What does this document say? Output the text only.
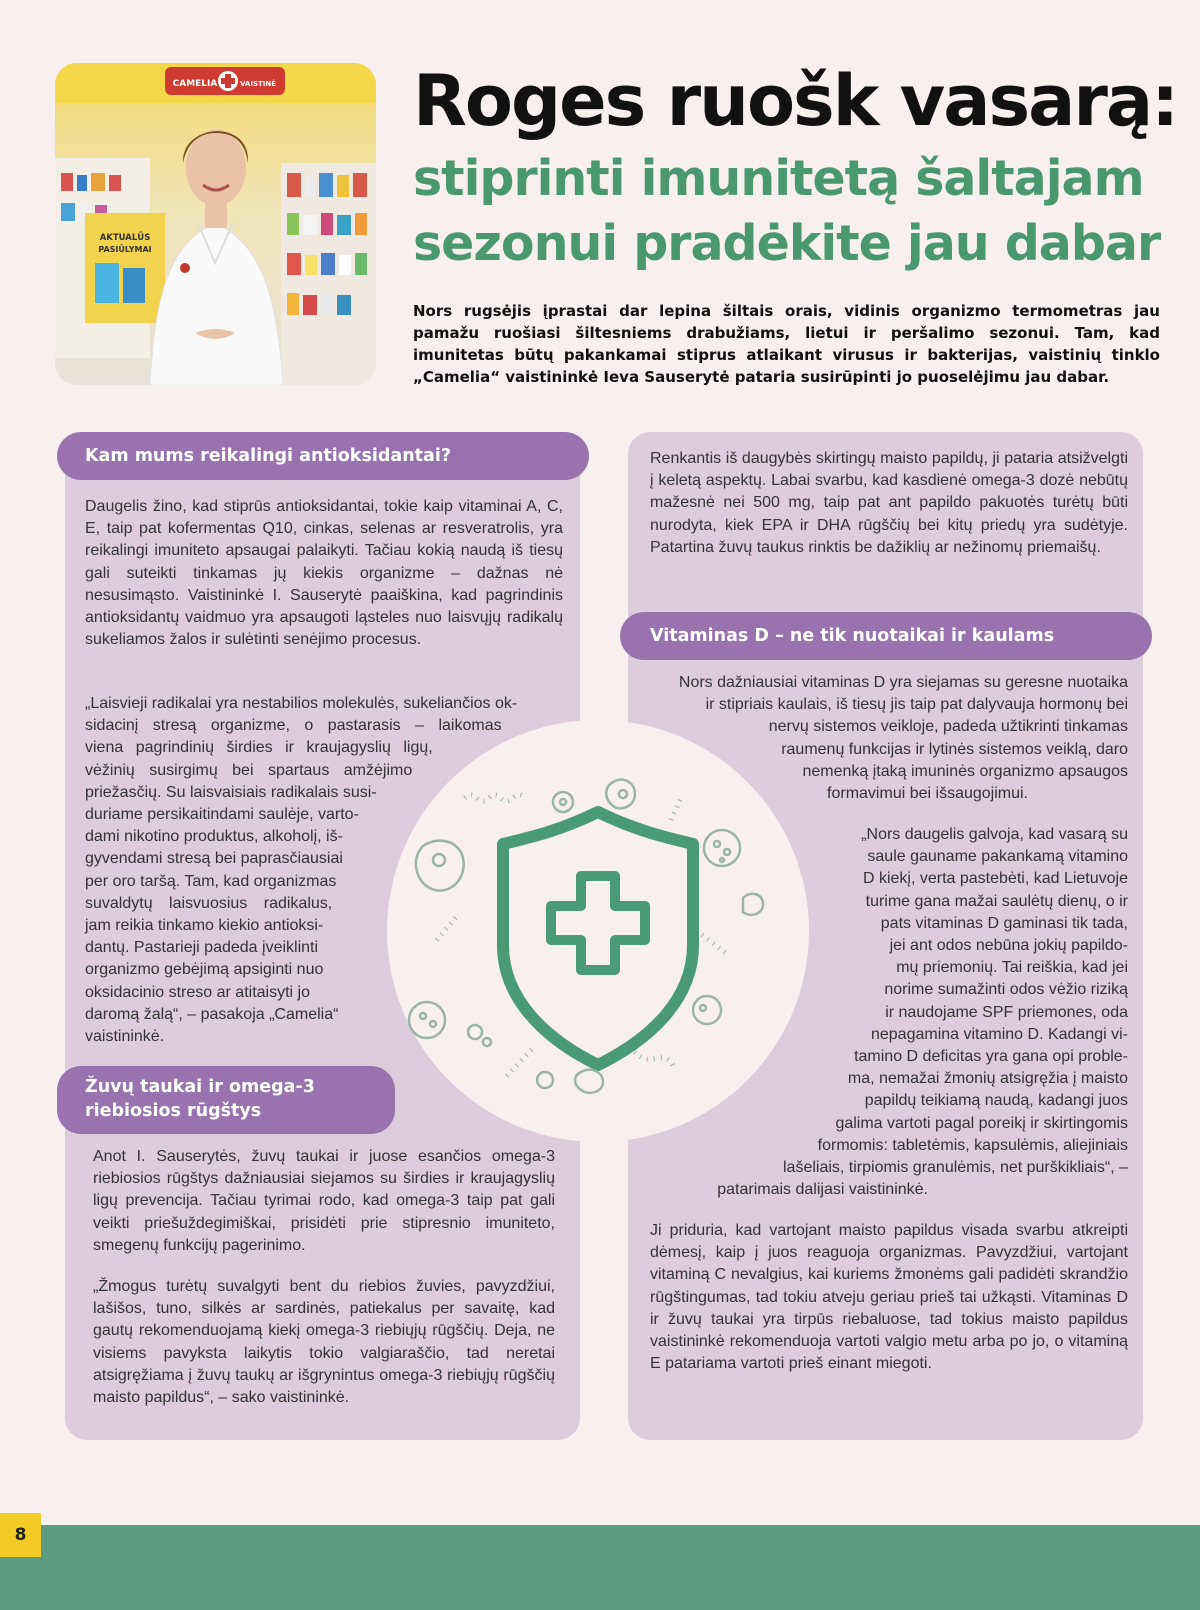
CAMELIA	VAISTINĖ
AKTUALŪS
PASIŪLYMAI
Roges ruošk vasarą:
stiprinti imunitetą šaltajam
sezonui pradėkite jau dabar

Nors rugsėjis įprastai dar lepina šiltais orais, vidinis organizmo termometras jau pamažu ruošiasi šiltesniems drabužiams, lietui ir peršalimo sezonui. Tam, kad imunitetas būtų pakankamai stiprus atlaikant virusus ir bakterijas, vaistinių tinklo „Camelia“ vaistininkė Ieva Sauserytė pataria susirūpinti jo puoselėjimu jau dabar.

Kam mums reikalingi antioksidantai?

Daugelis žino, kad stiprūs antioksidantai, tokie kaip vitaminai A, C, E, taip pat kofermentas Q10, cinkas, selenas ar resveratrolis, yra reikalingi imuniteto apsaugai palaikyti. Tačiau kokią naudą iš tiesų gali suteikti tinkamas jų kiekis organizme – dažnas nė nesusimąsto. Vaistininkė I. Sauserytė paaiškina, kad pagrindinis antioksidantų vaidmuo yra apsaugoti ląsteles nuo laisvųjų radikalų sukeliamos žalos ir sulėtinti senėjimo procesus.

„Laisvieji radikalai yra nestabilios molekulės, sukeliančios ok-
sidacinį stresą organizme, o pastarasis – laikomas
viena pagrindinių širdies ir kraujagyslių ligų,
vėžinių susirgimų bei spartaus amžėjimo
priežasčių. Su laisvaisiais radikalais susi-
duriame persikaitindami saulėje, varto-
dami nikotino produktus, alkoholį, iš-
gyvendami stresą bei paprasčiausiai
per oro taršą. Tam, kad organizmas
suvaldytų laisvuosius radikalus,
jam reikia tinkamo kiekio antioksi-
dantų. Pastarieji padeda įveiklinti
organizmo gebėjimą apsiginti nuo
oksidacinio streso ar atitaisyti jo
daromą žalą“, – pasakoja „Camelia“
vaistininkė.
Žuvų taukai ir omega-3
riebiosios rūgštys

Anot I. Sauserytės, žuvų taukai ir juose esančios omega-3 riebiosios rūgštys dažniausiai siejamos su širdies ir kraujagyslių ligų prevencija. Tačiau tyrimai rodo, kad omega-3 taip pat gali veikti priešuždegimiškai, prisidėti prie stipresnio imuniteto, smegenų funkcijų pagerinimo.

„Žmogus turėtų suvalgyti bent du riebios žuvies, pavyzdžiui, lašišos, tuno, silkės ar sardinės, patiekalus per savaitę, kad gautų rekomenduojamą kiekį omega-3 riebiųjų rūgščių. Deja, ne visiems pavyksta laikytis tokio valgiaraščio, tad neretai atsigręžiama į žuvų taukų ar išgrynintus omega-3 riebiųjų rūgščių maisto papildus“, – sako vaistininkė.

Renkantis iš daugybės skirtingų maisto papildų, ji pataria atsižvelgti į keletą aspektų. Labai svarbu, kad kasdienė omega-3 dozė nebūtų mažesnė nei 500 mg, taip pat ant papildo pakuotės turėtų būti nurodyta, kiek EPA ir DHA rūgščių bei kitų priedų yra sudėtyje. Patartina žuvų taukus rinktis be dažiklių ar nežinomų priemaišų.

Vitaminas D – ne tik nuotaikai ir kaulams
Nors dažniausiai vitaminas D yra siejamas su geresne nuotaika
ir stipriais kaulais, iš tiesų jis taip pat dalyvauja hormonų bei
nervų sistemos veikloje, padeda užtikrinti tinkamas
raumenų funkcijas ir lytinės sistemos veiklą, daro
nemenką įtaką imuninės organizmo apsaugos
formavimui bei išsaugojimui.
„Nors daugelis galvoja, kad vasarą su
saule gauname pakankamą vitamino
D kiekį, verta pastebėti, kad Lietuvoje
turime gana mažai saulėtų dienų, o ir
pats vitaminas D gaminasi tik tada,
jei ant odos nebūna jokių papildo-
mų priemonių. Tai reiškia, kad jei
norime sumažinti odos vėžio riziką
ir naudojame SPF priemones, oda
nepagamina vitamino D. Kadangi vi-
tamino D deficitas yra gana opi proble-
ma, nemažai žmonių atsigręžia į maisto
papildų teikiamą naudą, kadangi juos
galima vartoti pagal poreikį ir skirtingomis
formomis: tabletėmis, kapsulėmis, aliejiniais
lašeliais, tirpiomis granulėmis, net purškikliais“, –
patarimais dalijasi vaistininkė.

Ji priduria, kad vartojant maisto papildus visada svarbu atkreipti dėmesį, kaip į juos reaguoja organizmas. Pavyzdžiui, vartojant vitaminą C nevalgius, kai kuriems žmonėms gali padidėti skrandžio rūgštingumas, tad tokiu atveju geriau prieš tai užkąsti. Vitaminas D ir žuvų taukai yra tirpūs riebaluose, tad tokius maisto papildus vaistininkė rekomenduoja vartoti valgio metu arba po jo, o vitaminą E patariama vartoti prieš einant miegoti.

8
